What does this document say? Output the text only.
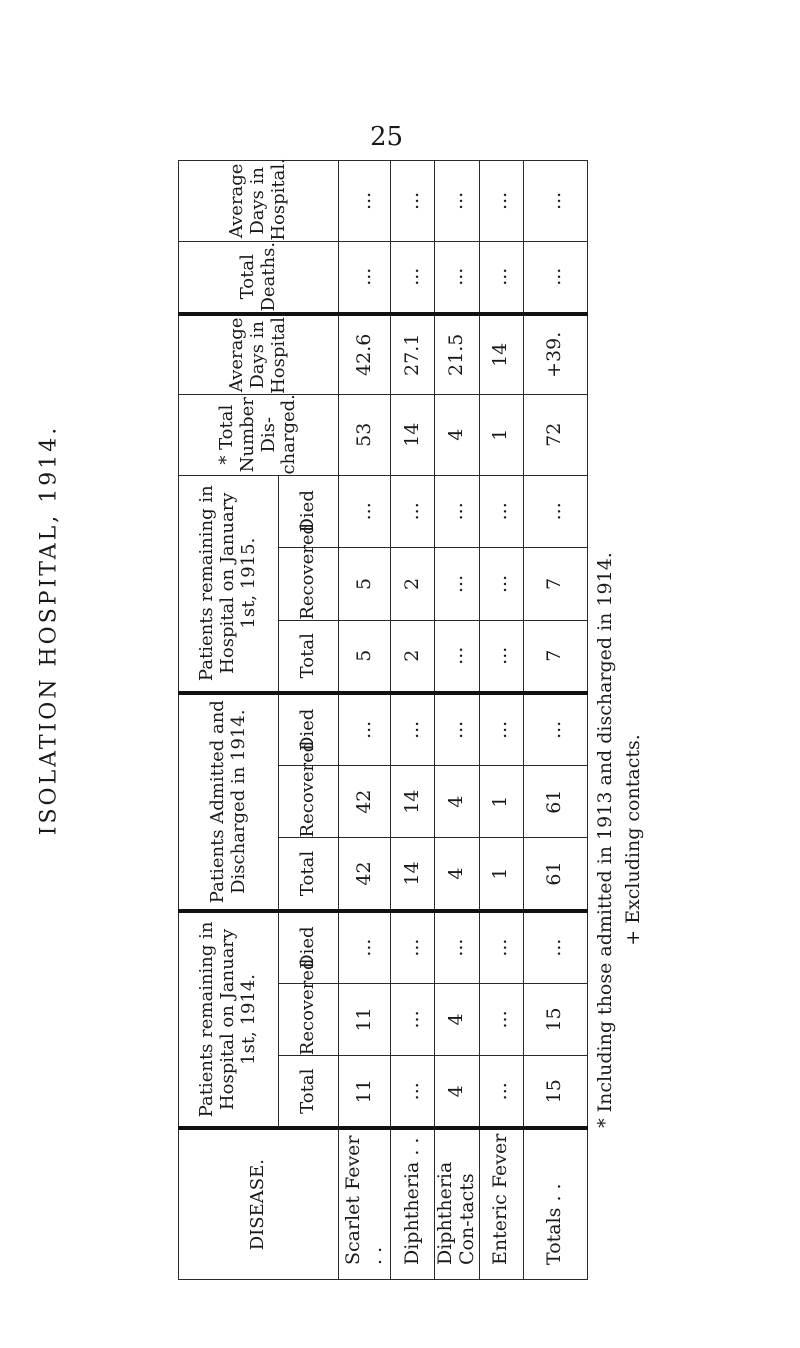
25
ISOLATION HOSPITAL, 1914.
DISEASE.	Patients remaining in Hospital on January 1st, 1914.			Patients Admitted and Discharged in 1914.			Patients remaining in Hospital on January 1st, 1915.			* Total Number Dis-charged.	Average Days in Hospital.	Total Deaths.	Average Days in Hospital.
	Total	Recovered	Died	Total	Recovered	Died	Total	Recovered	Died				
Scarlet Fever . .	11	11	...	42	42	...	5	5	...	53	42.6	...	...
Diphtheria . .	...	...	...	14	14	...	2	2	...	14	27.1	...	...
Diphtheria Con-tacts	4	4	...	4	4	...	...	...	...	4	21.5	...	...
Enteric Fever	...	...	...	1	1	...	...	...	...	1	14	...	...
Totals . .	15	15	...	61	61	...	7	7	...	72	+39.	...	...
* Including those admitted in 1913 and discharged in 1914. + Excluding contacts.
